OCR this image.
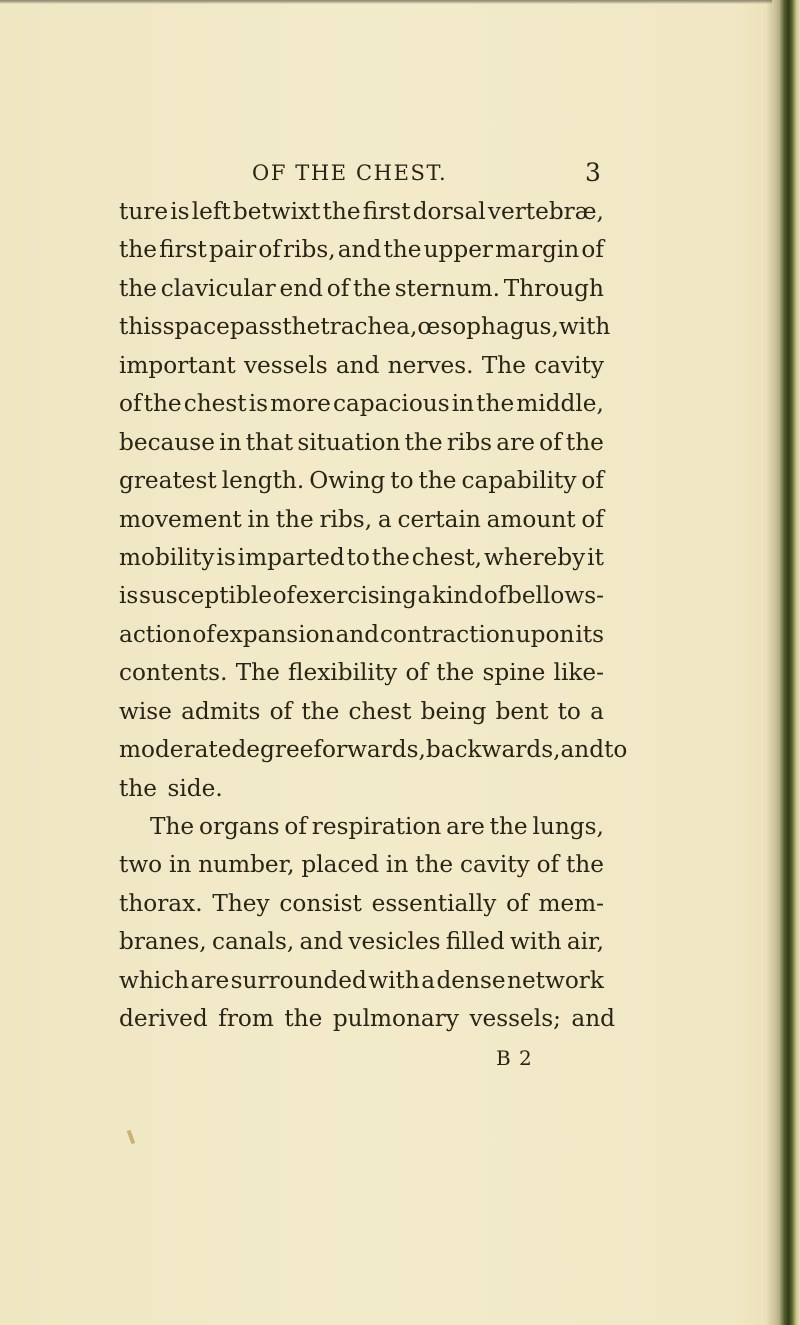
OF THE CHEST.	3
ture is left betwixt the first dorsal vertebræ,
the first pair of ribs, and the upper margin of
the clavicular end of the sternum. Through
this space pass the trachea, œsophagus, with
important vessels and nerves. The cavity
of the chest is more capacious in the middle,
because in that situation the ribs are of the
greatest length. Owing to the capability of
movement in the ribs, a certain amount of
mobility is imparted to the chest, whereby it
is susceptible of exercising a kind of bellows-
action of expansion and contraction upon its
contents. The flexibility of the spine like-
wise admits of the chest being bent to a
moderate degree forwards, backwards, and to
the side.
The organs of respiration are the lungs,
two in number, placed in the cavity of the
thorax. They consist essentially of mem-
branes, canals, and vesicles filled with air,
which are surrounded with a dense network
derived from the pulmonary vessels; and
B 2
